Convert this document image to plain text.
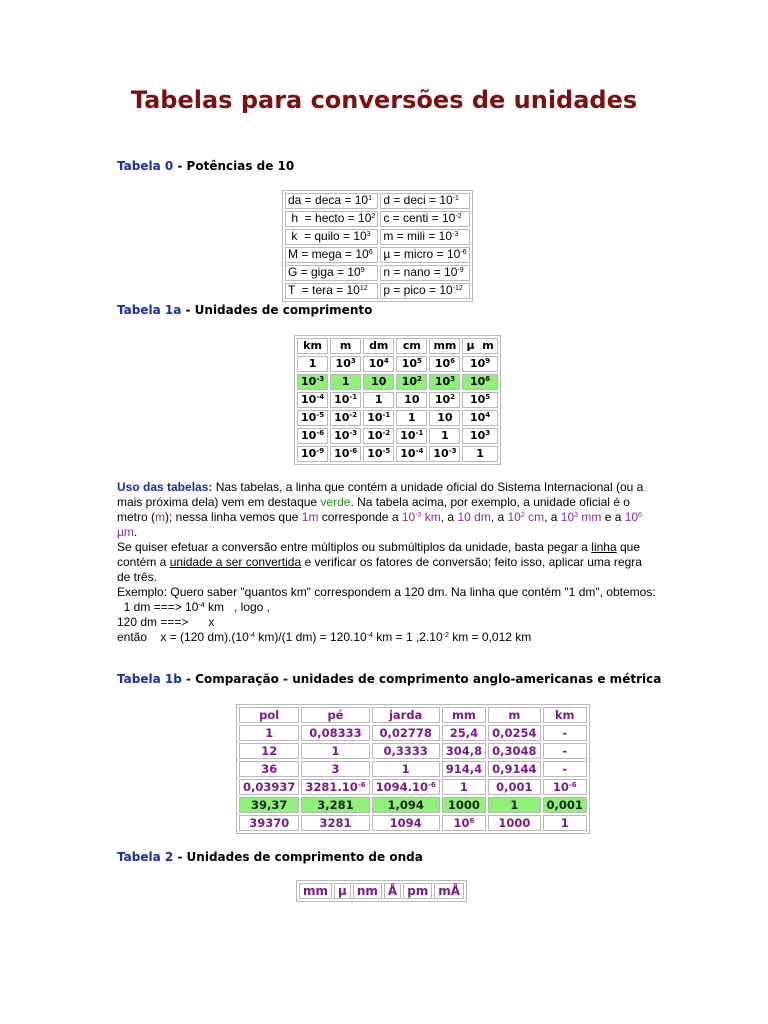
Tabelas para conversões de unidades
Tabela 0 - Potências de 10
da = deca = $10^1$	d = deci = $10^{-1}$
h  = hecto = $10^2$	c = centi = $10^{-2}$
k  = quilo = $10^3$	m = mili = $10^{-3}$
M = mega = $10^6$	µ = micro = $10^{-6}$
G = giga = $10^9$	n = nano = $10^{-9}$
T  = tera = $10^{12}$	p = pico = $10^{-12}$
Tabela 1a - Unidades de comprimento
km	m	dm	cm	mm	µ  m
1	$10^3$	$10^4$	$10^5$	$10^6$	$10^9$
$10^{-3}$	1	10	$10^2$	$10^3$	$10^6$
$10^{-4}$	$10^{-1}$	1	10	$10^2$	$10^5$
$10^{-5}$	$10^{-2}$	$10^{-1}$	1	10	$10^4$
$10^{-6}$	$10^{-3}$	$10^{-2}$	$10^{-1}$	1	$10^3$
$10^{-9}$	$10^{-6}$	$10^{-5}$	$10^{-4}$	$10^{-3}$	1
Uso das tabelas: Nas tabelas, a linha que contém a unidade oficial do Sistema Internacional (ou a mais próxima dela) vem em destaque verde. Na tabela acima, por exemplo, a unidade oficial é o metro (m); nessa linha vemos que 1m corresponde a $10^{-3}$ km, a 10 dm, a $10^2$ cm, a $10^3$ mm e a $10^6$ µm.
Se quiser efetuar a conversão entre múltiplos ou submúltiplos da unidade, basta pegar a linha que contém a unidade a ser convertida e verificar os fatores de conversão; feito isso, aplicar uma regra de três.
Exemplo: Quero saber "quantos km" correspondem a 120 dm. Na linha que contém "1 dm", obtemos:
1 dm ===> $10^{-4}$ km   , logo ,
120 dm ===>      x
então    x = (120 $dm).(10^{-4}$ km)/(1 $dm) = 120.10^{-4}$ km = 1 $,2.10^{-2}$ km = 0,012 km
Tabela 1b - Comparação - unidades de comprimento anglo-americanas e métrica
pol	pé	jarda	mm	m	km
1	0,08333	0,02778	25,4	0,0254	-
12	1	0,3333	304,8	0,3048	-
36	3	1	914,4	0,9144	-
0,03937	$3281.10^{-6}$	$1094.10^{-6}$	1	0,001	$10^{-6}$
39,37	3,281	1,094	1000	1	0,001
39370	3281	1094	$10^6$	1000	1
Tabela 2 - Unidades de comprimento de onda
mm	µ	nm	Å	pm	mÅ
